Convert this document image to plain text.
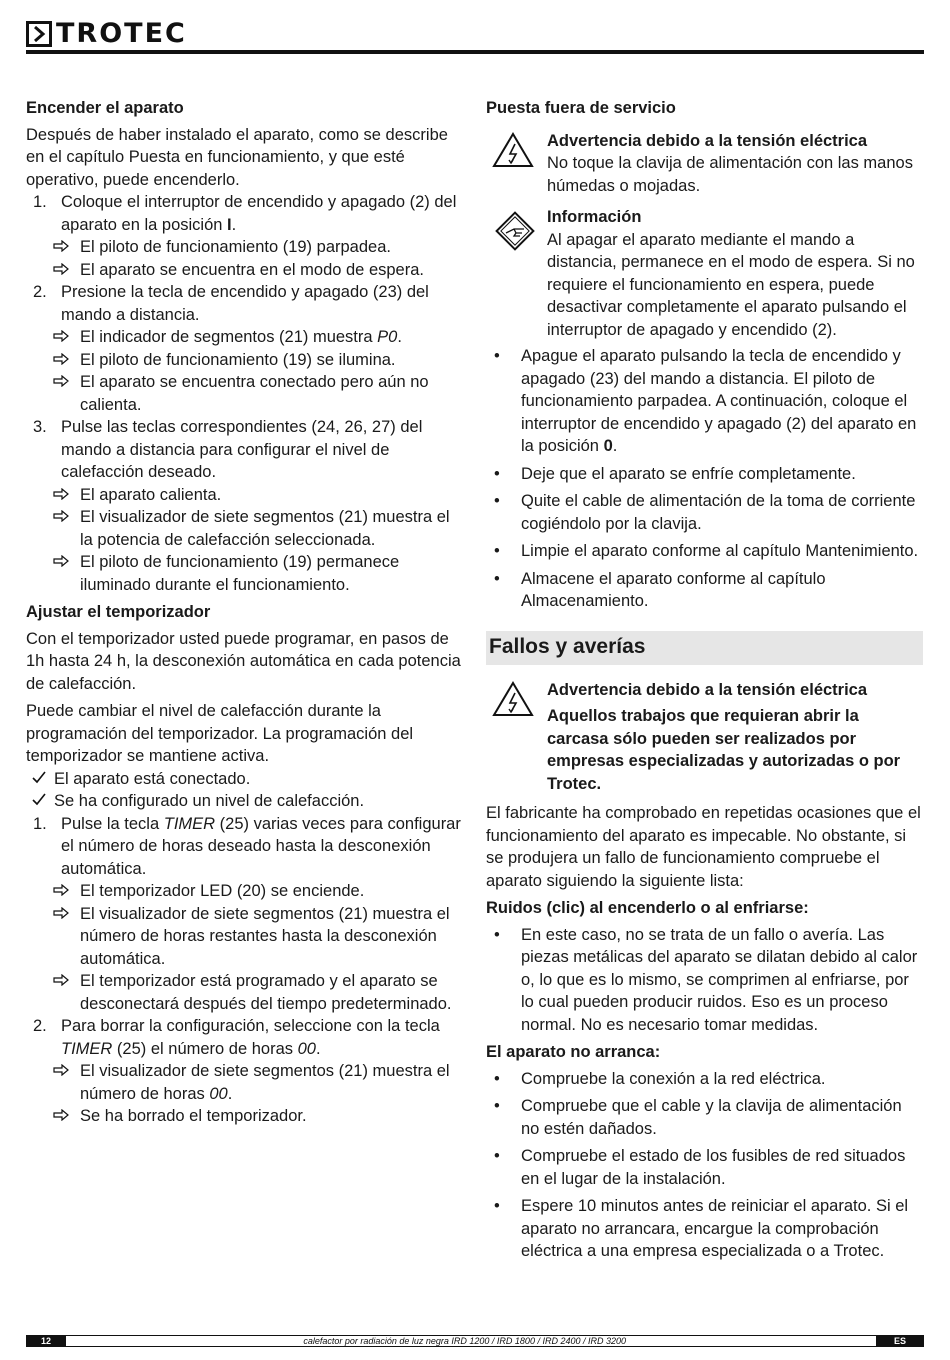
TROTEC
Encender el aparato

Después de haber instalado el aparato, como se describe en el capítulo Puesta en funcionamiento, y que esté operativo, puede encenderlo.

1. Coloque el interruptor de encendido y apagado (2) del aparato en la posición I.
El piloto de funcionamiento (19) parpadea.
El aparato se encuentra en el modo de espera.
2. Presione la tecla de encendido y apagado (23) del mando a distancia.
El indicador de segmentos (21) muestra P0.
El piloto de funcionamiento (19) se ilumina.
El aparato se encuentra conectado pero aún no calienta.
3. Pulse las teclas correspondientes (24, 26, 27) del mando a distancia para configurar el nivel de calefacción deseado.
El aparato calienta.
El visualizador de siete segmentos (21) muestra el la potencia de calefacción seleccionada.
El piloto de funcionamiento (19) permanece iluminado durante el funcionamiento.
Ajustar el temporizador

Con el temporizador usted puede programar, en pasos de 1h hasta 24 h, la desconexión automática en cada potencia de calefacción.

Puede cambiar el nivel de calefacción durante la programación del temporizador. La programación del temporizador se mantiene activa.

El aparato está conectado.
Se ha configurado un nivel de calefacción.
1. Pulse la tecla TIMER (25) varias veces para configurar el número de horas deseado hasta la desconexión automática.
El temporizador LED (20) se enciende.
El visualizador de siete segmentos (21) muestra el número de horas restantes hasta la desconexión automática.
El temporizador está programado y el aparato se desconectará después del tiempo predeterminado.
2. Para borrar la configuración, seleccione con la tecla TIMER (25) el número de horas 00.
El visualizador de siete segmentos (21) muestra el número de horas 00.
Se ha borrado el temporizador.
Puesta fuera de servicio
Advertencia debido a la tensión eléctrica
No toque la clavija de alimentación con las manos húmedas o mojadas.
Información
Al apagar el aparato mediante el mando a distancia, permanece en el modo de espera. Si no requiere el funcionamiento en espera, puede desactivar completamente el aparato pulsando el interruptor de apagado y encendido (2).
•	Apague el aparato pulsando la tecla de encendido y apagado (23) del mando a distancia. El piloto de funcionamiento parpadea. A continuación, coloque el interruptor de encendido y apagado (2) del aparato en la posición 0.
•	Deje que el aparato se enfríe completamente.
•	Quite el cable de alimentación de la toma de corriente cogiéndolo por la clavija.
•	Limpie el aparato conforme al capítulo Mantenimiento.
•	Almacene el aparato conforme al capítulo Almacenamiento.
Fallos y averías
Advertencia debido a la tensión eléctrica
Aquellos trabajos que requieran abrir la carcasa sólo pueden ser realizados por empresas especializadas y autorizadas o por Trotec.

El fabricante ha comprobado en repetidas ocasiones que el funcionamiento del aparato es impecable. No obstante, si se produjera un fallo de funcionamiento compruebe el aparato siguiendo la siguiente lista:

Ruidos (clic) al encenderlo o al enfriarse:
•	En este caso, no se trata de un fallo o avería. Las piezas metálicas del aparato se dilatan debido al calor o, lo que es lo mismo, se comprimen al enfriarse, por lo cual pueden producir ruidos. Eso es un proceso normal. No es necesario tomar medidas.
El aparato no arranca:
•	Compruebe la conexión a la red eléctrica.
•	Compruebe que el cable y la clavija de alimentación no estén dañados.
•	Compruebe el estado de los fusibles de red situados en el lugar de la instalación.
•	Espere 10 minutos antes de reiniciar el aparato. Si el aparato no arrancara, encargue la comprobación eléctrica a una empresa especializada o a Trotec.
12	calefactor por radiación de luz negra IRD 1200 / IRD 1800 / IRD 2400 / IRD 3200	ES
